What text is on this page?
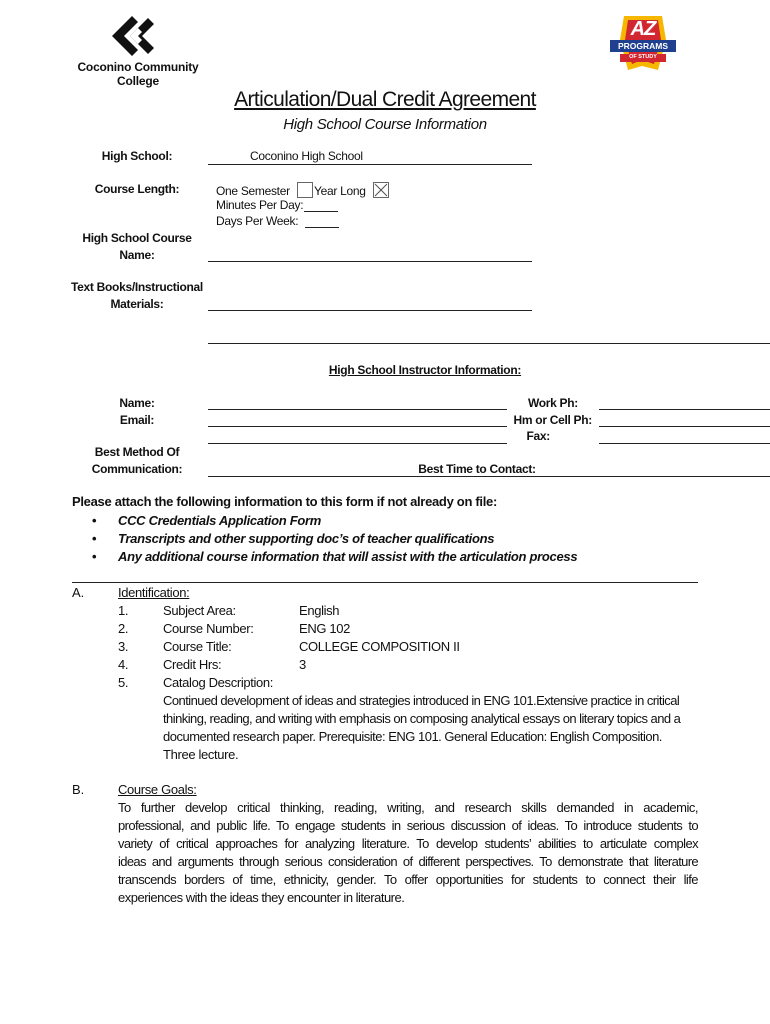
Coconino Community
College
AZ
PROGRAMS
OF STUDY
Articulation/Dual Credit Agreement
High School Course Information
High School:	Coconino High School
Course Length:	One Semester	Year Long
Minutes Per Day:
Days Per Week:
High School Course
Name:
Text Books/Instructional
Materials:
High School Instructor Information:
Name:	Work Ph:
Email:	Hm or Cell Ph:
Fax:
Best Method Of
Communication:	Best Time to Contact:
Please attach the following information to this form if not already on file:
• CCC Credentials Application Form
• Transcripts and other supporting doc’s of teacher qualifications
• Any additional course information that will assist with the articulation process
A.	Identification:
1.	Subject Area:	English
2.	Course Number:	ENG 102
3.	Course Title:	COLLEGE COMPOSITION II
4.	Credit Hrs:	3
5.	Catalog Description:
Continued development of ideas and strategies introduced in ENG 101.Extensive practice in critical
thinking, reading, and writing with emphasis on composing analytical essays on literary topics and a
documented research paper. Prerequisite: ENG 101. General Education: English Composition.
Three lecture.
B.	Course Goals:
To further develop critical thinking, reading, writing, and research skills demanded in academic,
professional, and public life. To engage students in serious discussion of ideas. To introduce students to
variety of critical approaches for analyzing literature. To develop students’ abilities to articulate complex
ideas and arguments through serious consideration of different perspectives. To demonstrate that literature
transcends borders of time, ethnicity, gender. To offer opportunities for students to connect their life
experiences with the ideas they encounter in literature.
